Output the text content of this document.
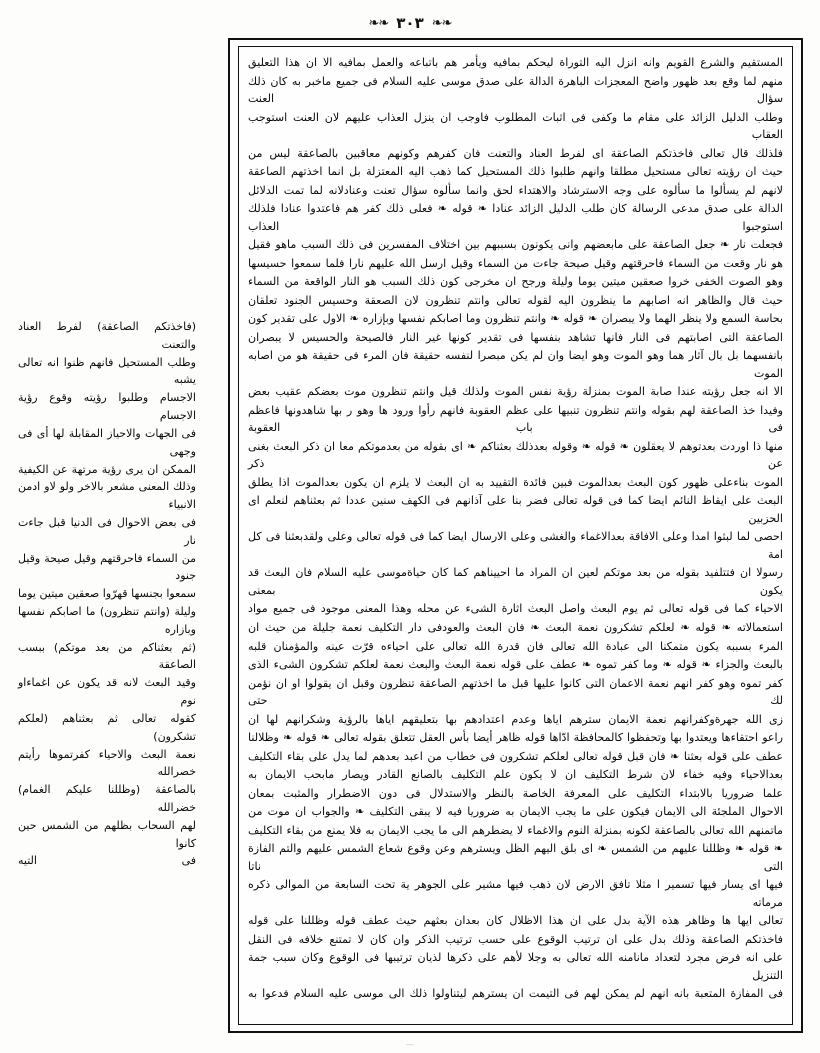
❧❧ ٣٠٣ ❧❧

(فاخذتكم الصاعقة) لفرط العناد والتعنت

وطلب المستحيل فانهم ظنوا انه تعالى يشبه

الاجسام وطلبوا رؤيته وقوع رؤية الاجسام

فى الجهات والاحياز المقابلة لها أى فى وجهى

الممكن ان يرى رؤية مرتهة عن الكيفية

وذلك المعنى مشعر بالاخر ولو لاو ادمن الانبياء

فى بعض الاحوال فى الدنيا قبل جاءت نار

من السماء فاحرقتهم وقيل صيحة وقيل جنود

سمعوا بجنسها قهرّوا صعقين ميتين يوما

وليلة (وانتم تنظرون) ما اصابكم نفسها وبازاره

(ثم بعثناكم من بعد موتكم) ببسب الصاعقة

وقيد البعث لانه قد يكون عن اغماءاو نوم

كقوله تعالى ثم بعثناهم (لعلكم تشكرون)

نعمة البعث والاحياء كفرتموها رأيتم خصرالله

بالصاعقة (وظللنا عليكم الغمام) خضرالله

لهم السحاب بظلهم من الشمس حين كانوا

فى التيه

المستقيم والشرع القويم وانه انزل اليه التوراة ليحكم بمافيه ويأمر هم باتباعه والعمل بمافيه الا ان هذا التعليق

منهم لما وقع بعد ظهور واضح المعجزات الباهرة الدالة على صدق موسى عليه السلام فى جميع ماخبر به كان ذلك سؤال العنت

وطلب الدليل الزائد على مقام ما وكفى فى اثبات المطلوب فاوجب ان ينزل العذاب عليهم لان العنت استوجب العقاب

فلذلك قال تعالى فاخذتكم الصاعقة اى لفرط العناد والتعنت فان كفرهم وكونهم معاقبين بالصاعقة ليس من

حيث ان رؤيته تعالى مستحيل مطلقا وانهم طلبوا ذلك المستحيل كما ذهب اليه المعتزلة بل انما اخذتهم الصاعقة

لانهم لم يسألوا ما سألوه على وجه الاسترشاد والاهتداء لحق وانما سألوه سؤال تعنت وعنادلانه لما تمت الدلائل

الدالة على صدق مدعى الرسالة كان طلب الدليل الزائد عنادا ❧ قوله ❧ فعلى ذلك كفر هم فاعتدوا عنادا فلذلك استوجبوا العذاب

فجعلت نار ❧ جعل الصاعقة على مابعضهم وانى يكونون بسببهم بين اختلاف المفسرين فى ذلك السبب ماهو فقيل

هو نار وقعت من السماء فاحرقتهم وقيل صيحة جاءت من السماء وقيل ارسل الله عليهم نارا فلما سمعوا حسيسها

وهو الصوت الخفى خروا صعقين ميتين يوما وليلة ورجح ان مخرجى كون ذلك السبب هو النار الواقعة من السماء

حيث قال والظاهر انه اصابهم ما ينظرون اليه لقوله تعالى وانتم تنظرون لان الصعقة وحسيس الجنود تعلقان

بحاسة السمع ولا ينظر الهما ولا يبصران ❧ قوله ❧ وانتم تنظرون وما اصابكم نفسها وبإزاره ❧ الاول على تقدير كون

الصاعقة التى اصابتهم فى النار فانها تشاهد بنفسها فى تقدير كونها غير النار فالصيحة والحسيس لا يبصران

بانفسهما بل بال آثار هما وهو الموت وهو ايضا وان لم يكن مبصرا لنفسه حقيقة فان المرء فى حقيقة هو من اصابه الموت

الا انه جعل رؤيته عندا صابة الموت بمنزلة رؤية نفس الموت ولذلك قيل وانتم تنظرون موت بعضكم عقيب بعض

وفيدا خذ الصاعقة لهم بقوله وانتم تنظرون تنبيها على عظم العقوبة فانهم رأوا ورود ها وهو ر بها شاهدونها فاعظم فى باب العقوبة

منها ذا اوردت بعدتوهم لا يعقلون ❧ قوله ❧ وقوله بعدذلك بعثناكم ❧ اى بقوله من بعدموتكم معا ان ذكر البعث بغنى عن ذكر

الموت بناءعلى ظهور كون البعث بعدالموت فبين فائدة التقييد به ان البعث لا يلزم ان يكون بعدالموت اذا يطلق

البعث على ايقاظ النائم ايضا كما فى قوله تعالى فضر بنا على آذانهم فى الكهف سنين عددا ثم بعثناهم لنعلم اى الحزبين

احصى لما لبثوا امدا وعلى الافاقة بعدالاغماء والغشى وعلى الارسال ايضا كما فى قوله تعالى وعلى ولقدبعثنا فى كل امة

رسولا ان فتتلفيد بقوله من بعد موتكم لعين ان المراد ما احييناهم كما كان حياةموسى عليه السلام فان البعث قد يكون بمعنى

الاحياء كما فى قوله تعالى ثم يوم البعث واصل البعث اثارة الشىء عن محله وهذا المعنى موجود فى جميع مواد

استعمالاته ❧ قوله ❧ لعلكم تشكرون نعمة البعث ❧ فان البعث والعودفى دار التكليف نعمة جليلة من حيث ان

المرء بسببه يكون متمكنا الى عبادة الله تعالى فان قدرة الله تعالى على احياءه قرّت عينه والمؤمنان قلبه

بالبعث والجزاء ❧ قوله ❧ وما كفر تموه ❧ عطف على قوله نعمة البعث والبعث نعمة لعلكم تشكرون الشىء الذى

كفر تموه وهو كفر انهم نعمة الاعمان التى كانوا عليها قبل ما اخذتهم الصاعقة تنظرون وقبل ان يقولوا او ان نؤمن لك حتى

زى الله جهرةوكفرانهم نعمة الايمان سترهم اياها وعدم اعتدادهم بها بتعليقهم اياها بالرؤية وشكرانهم لها ان

راعو احتقاءها ويعتدوا بها وتحفظوا كالمحافظة ادّاها قوله ظاهر أيضا بأس العقل تتعلق بقوله تعالى ❧ قوله ❧ وظلالنا

عطف على قوله بعثنا ❧ فان قبل قوله تعالى لعلكم تشكرون فى خطاب من اعبد بعدهم لما يدل على بقاء التكليف

بعدالاحياء وفيه خفاء لان شرط التكليف ان لا يكون علم التكليف بالصانع القادر ويصار مابحب الايمان به

علما ضروريا بالابتداء التكليف على المعرفة الخاصة بالنظر والاستدلال فى دون الاضطرار والمثبت بمعان

الاحوال الملجئة الى الايمان فيكون على ما يجب الايمان به ضروريا فيه لا يبقى التكليف ❧ والجواب ان موت من

ماتمنهم الله تعالى بالصاعقة لكونه بمنزلة النوم والاغماء لا يضطرهم الى ما يجب الايمان به فلا يمنع من بقاء التكليف

❧ قوله ❧ وظللنا عليهم من الشمس ❧ اى بلق اليهم الظل ويسترهم وعن وقوع شعاع الشمس عليهم والتم الفازة التى ناتا

فيها اى يسار فيها تسمير ا مثلا تافق الارض لان ذهب فيها مشير على الجوهر ية تحت السابعة من الموالى ذكره مرماته

تعالى ايها ها وظاهر هذه الآية بدل على ان هذا الاظلال كان بعدان بعثهم حيث عطف قوله وظللنا على قوله

فاخذتكم الصاعقة وذلك بدل على ان ترتيب الوقوع على حسب ترتيب الذكر وان كان لا تمتنع خلافه فى النقل

على انه فرض مجرد لتعداد مانامنه الله تعالى به وجلا لأهم على ذكرها لذيان ترتيبها فى الوقوع وكان سبب جمة التنزيل

فى المفازة المتعبة بانه انهم لم يمكن لهم فى التيمت ان يسترهم ليتناولوا ذلك الى موسى عليه السلام فدعوا به

—
